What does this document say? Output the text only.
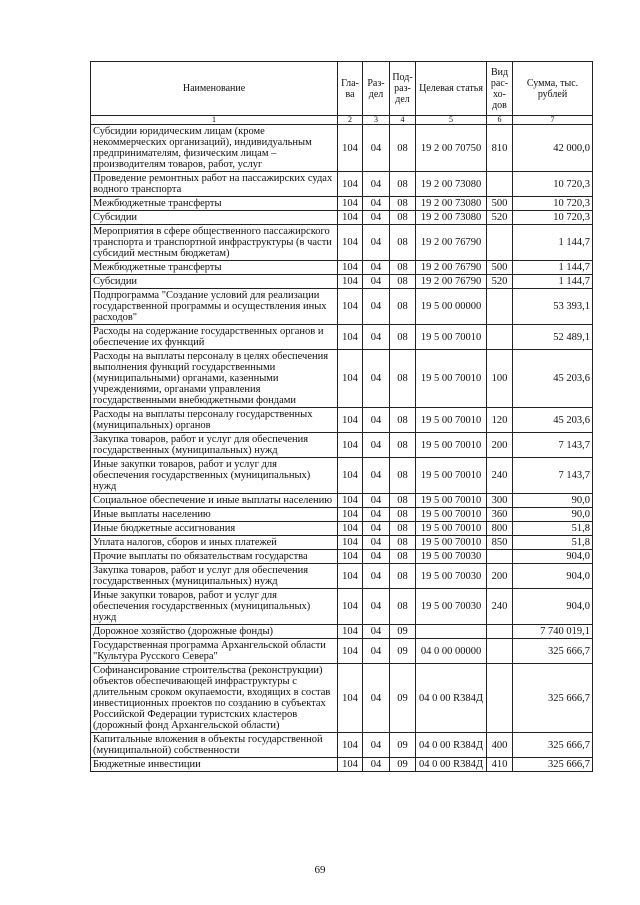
Наименование	Гла-ва	Раз-дел	Под-раз-дел	Целевая статья	Вид рас-хо-дов	Сумма, тыс. рублей
1	2	3	4	5	6	7
Субсидии юридическим лицам (кроме некоммерческих организаций), индивидуальным предпринимателям, физическим лицам – производителям товаров, работ, услуг	104	04	08	19 2 00 70750	810	42 000,0
Проведение ремонтных работ на пассажирских судах водного транспорта	104	04	08	19 2 00 73080		10 720,3
Межбюджетные трансферты	104	04	08	19 2 00 73080	500	10 720,3
Субсидии	104	04	08	19 2 00 73080	520	10 720,3
Мероприятия в сфере общественного пассажирского транспорта и транспортной инфраструктуры (в части субсидий местным бюджетам)	104	04	08	19 2 00 76790		1 144,7
Межбюджетные трансферты	104	04	08	19 2 00 76790	500	1 144,7
Субсидии	104	04	08	19 2 00 76790	520	1 144,7
Подпрограмма "Создание условий для реализации государственной программы и осуществления иных расходов"	104	04	08	19 5 00 00000		53 393,1
Расходы на содержание государственных органов и обеспечение их функций	104	04	08	19 5 00 70010		52 489,1
Расходы на выплаты персоналу в целях обеспечения выполнения функций государственными (муниципальными) органами, казенными учреждениями, органами управления государственными внебюджетными фондами	104	04	08	19 5 00 70010	100	45 203,6
Расходы на выплаты персоналу государственных (муниципальных) органов	104	04	08	19 5 00 70010	120	45 203,6
Закупка товаров, работ и услуг для обеспечения государственных (муниципальных) нужд	104	04	08	19 5 00 70010	200	7 143,7
Иные закупки товаров, работ и услуг для обеспечения государственных (муниципальных) нужд	104	04	08	19 5 00 70010	240	7 143,7
Социальное обеспечение и иные выплаты населению	104	04	08	19 5 00 70010	300	90,0
Иные выплаты населению	104	04	08	19 5 00 70010	360	90,0
Иные бюджетные ассигнования	104	04	08	19 5 00 70010	800	51,8
Уплата налогов, сборов и иных платежей	104	04	08	19 5 00 70010	850	51,8
Прочие выплаты по обязательствам государства	104	04	08	19 5 00 70030		904,0
Закупка товаров, работ и услуг для обеспечения государственных (муниципальных) нужд	104	04	08	19 5 00 70030	200	904,0
Иные закупки товаров, работ и услуг для обеспечения государственных (муниципальных) нужд	104	04	08	19 5 00 70030	240	904,0
Дорожное хозяйство (дорожные фонды)	104	04	09			7 740 019,1
Государственная программа Архангельской области "Культура Русского Севера"	104	04	09	04 0 00 00000		325 666,7
Софинансирование строительства (реконструкции) объектов обеспечивающей инфраструктуры с длительным сроком окупаемости, входящих в состав инвестиционных проектов по созданию в субъектах Российской Федерации туристских кластеров (дорожный фонд Архангельской области)	104	04	09	04 0 00 R384Д		325 666,7
Капитальные вложения в объекты государственной (муниципальной) собственности	104	04	09	04 0 00 R384Д	400	325 666,7
Бюджетные инвестиции	104	04	09	04 0 00 R384Д	410	325 666,7
69
